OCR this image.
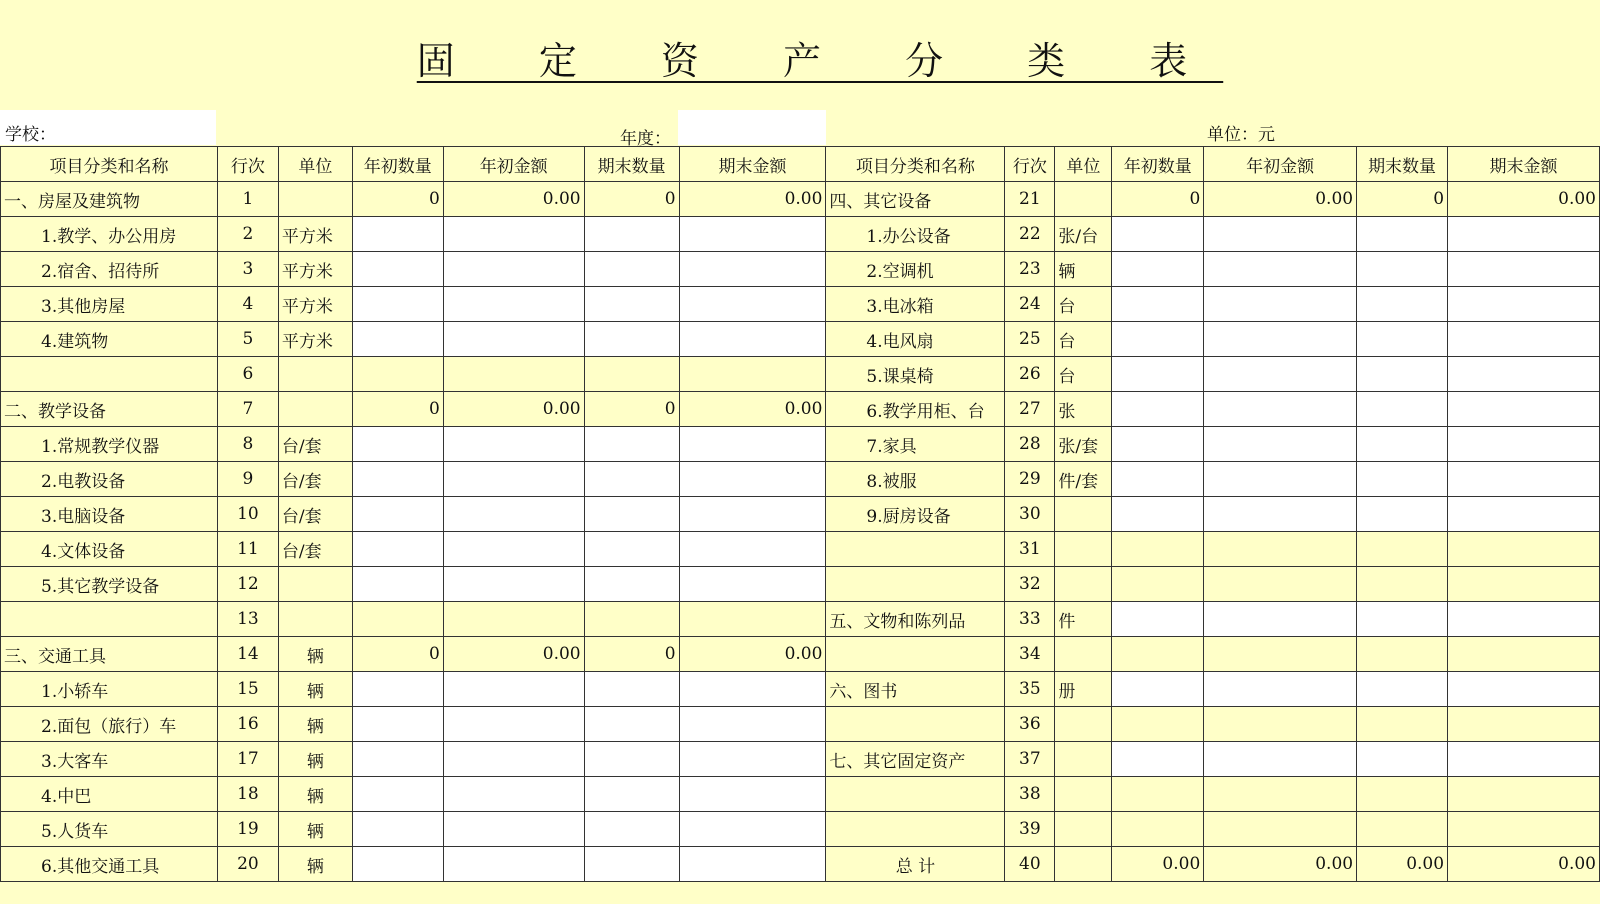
固 定 资 产 分 类 表
学校：	年度：	单位：元
项目分类和名称	行次	单位	年初数量	年初金额	期末数量	期末金额	项目分类和名称	行次	单位	年初数量	年初金额	期末数量	期末金额
一、房屋及建筑物	1		0	0.00	0	0.00	四、其它设备	21		0	0.00	0	0.00
1.教学、办公用房	2	平方米					1.办公设备	22	张/台				
2.宿舍、招待所	3	平方米					2.空调机	23	辆				
3.其他房屋	4	平方米					3.电冰箱	24	台				
4.建筑物	5	平方米					4.电风扇	25	台				
	6						5.课桌椅	26	台				
二、教学设备	7		0	0.00	0	0.00	6.教学用柜、台	27	张				
1.常规教学仪器	8	台/套					7.家具	28	张/套				
2.电教设备	9	台/套					8.被服	29	件/套				
3.电脑设备	10	台/套					9.厨房设备	30					
4.文体设备	11	台/套						31					
5.其它教学设备	12							32					
	13						五、文物和陈列品	33	件				
三、交通工具	14	辆	0	0.00	0	0.00		34					
1.小轿车	15	辆					六、图书	35	册				
2.面包（旅行）车	16	辆						36					
3.大客车	17	辆					七、其它固定资产	37					
4.中巴	18	辆						38					
5.人货车	19	辆						39					
6.其他交通工具	20	辆					总 计	40		0.00	0.00	0.00	0.00
